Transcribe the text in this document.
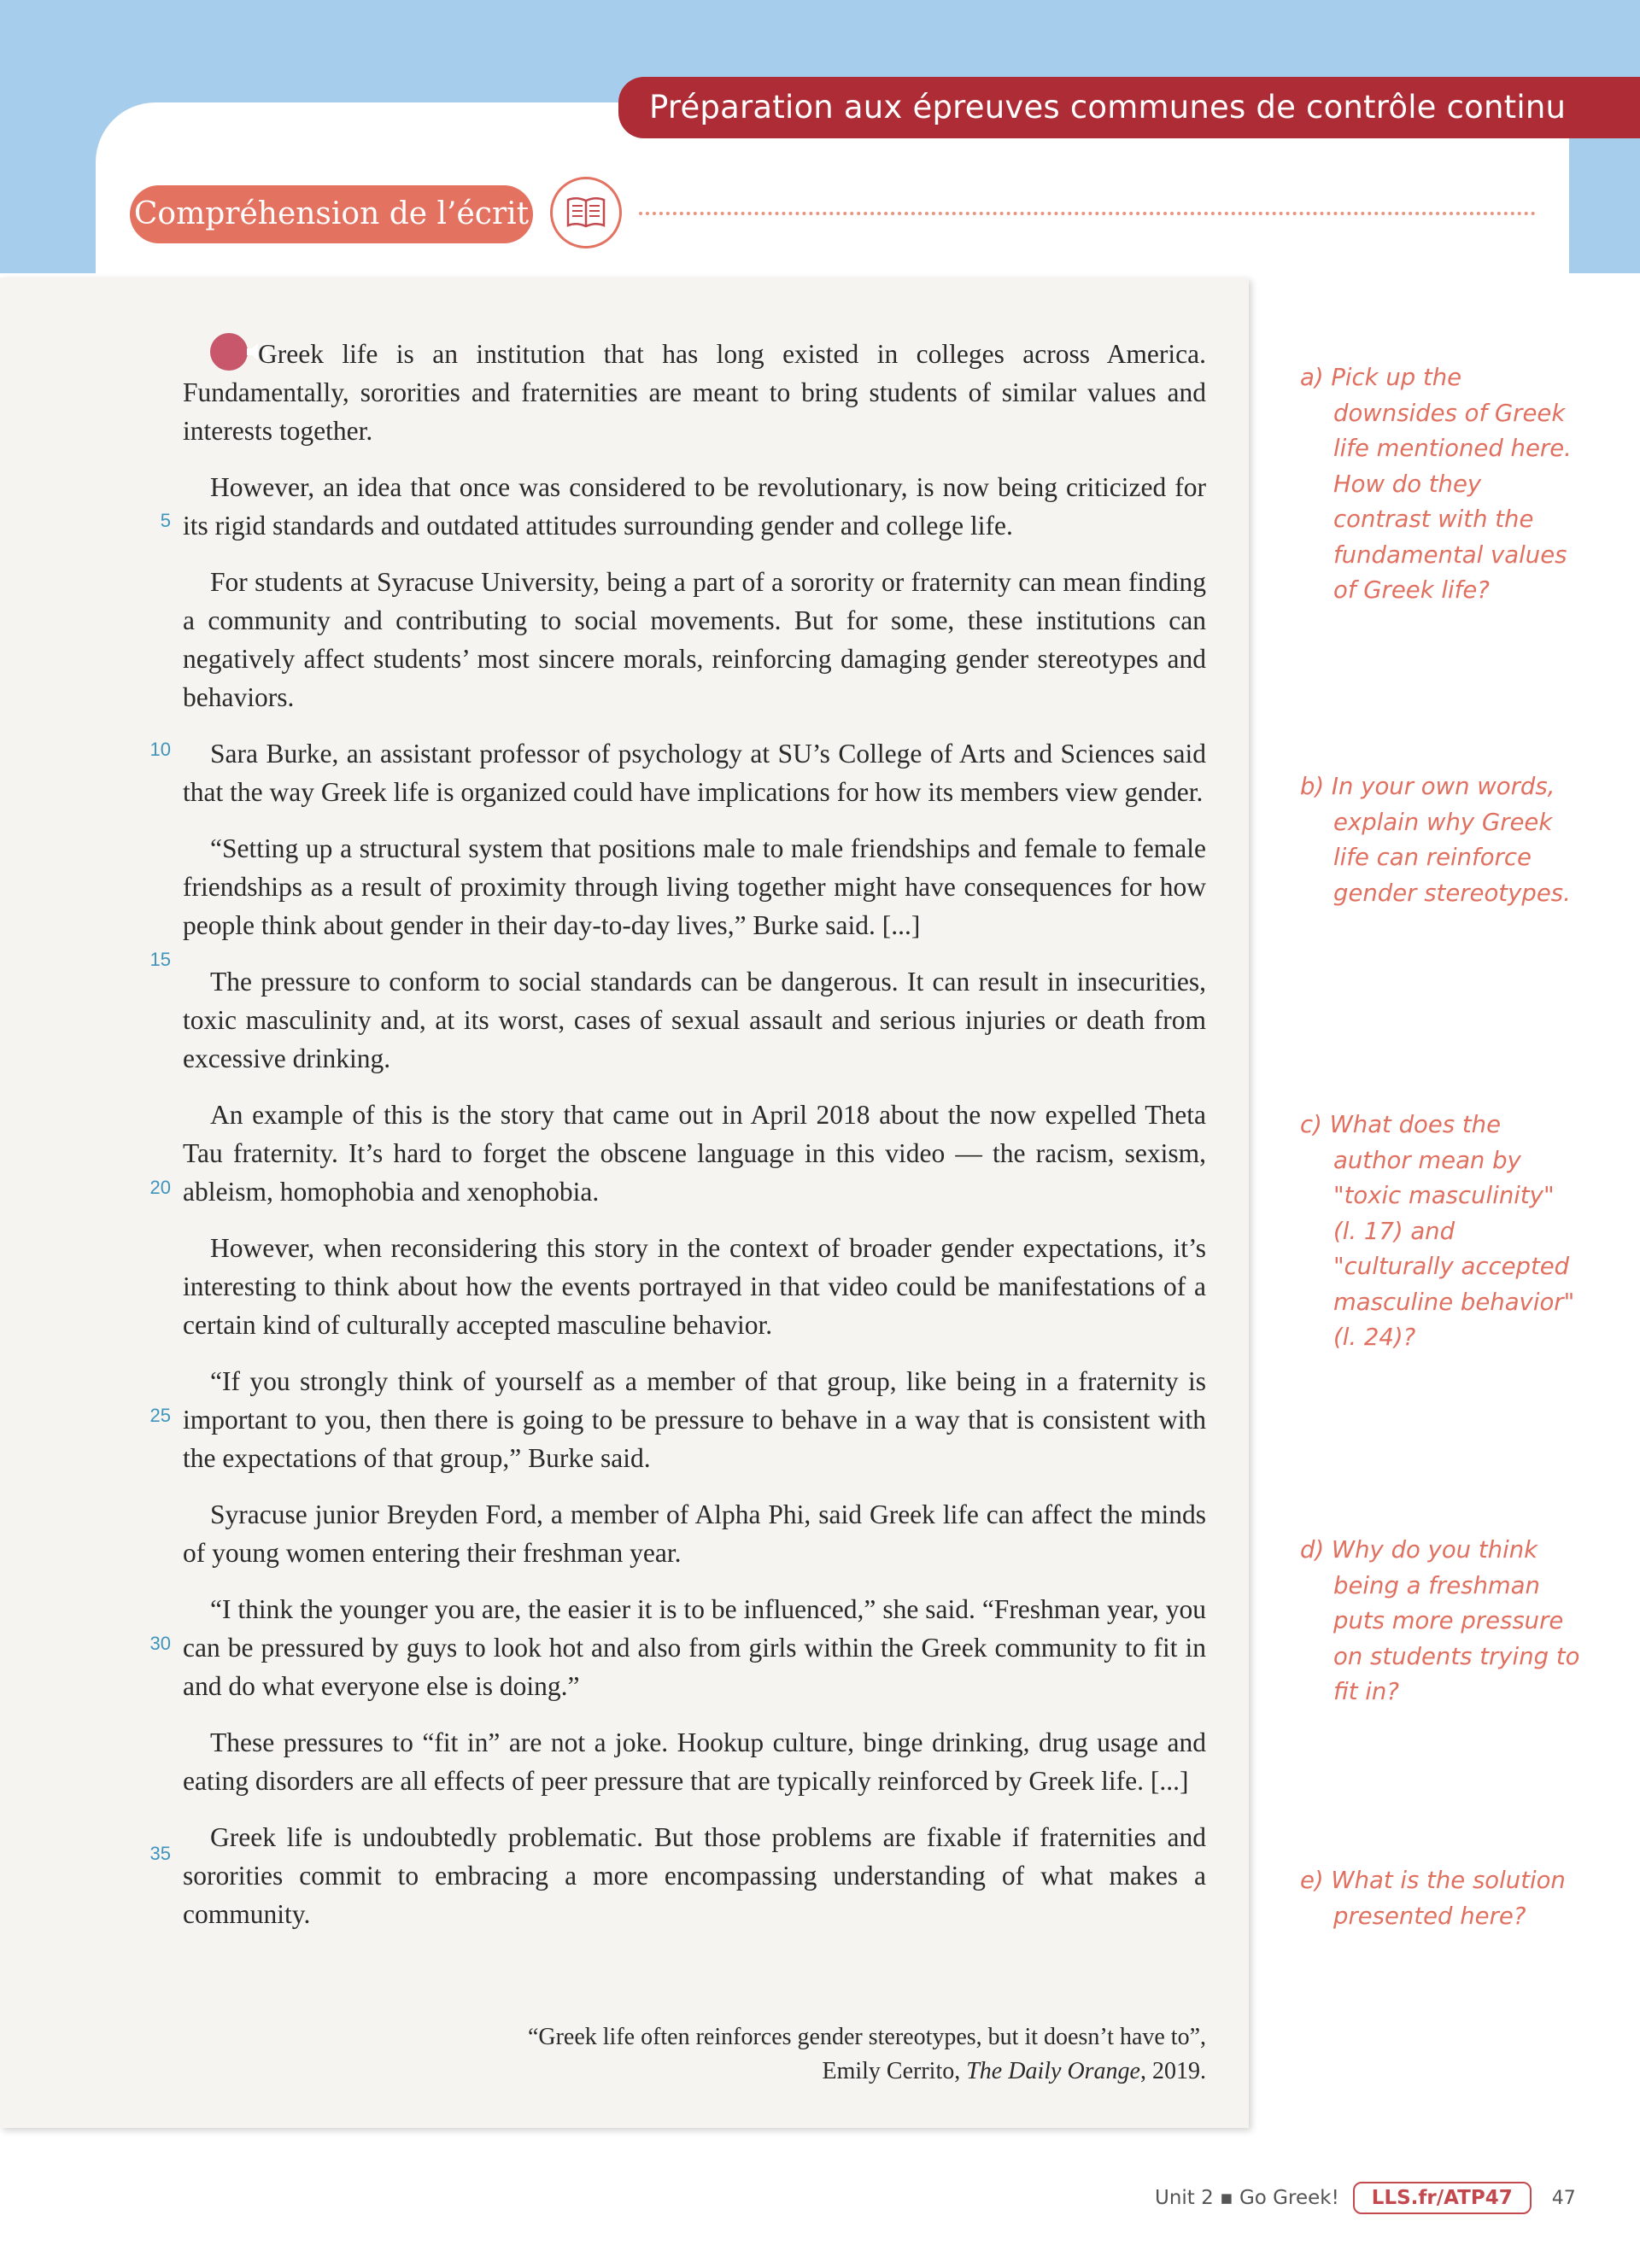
Préparation aux épreuves communes de contrôle continu
Compréhension de l’écrit

Greek life is an institution that has long existed in colleges across America. Fundamentally, sororities and fraternities are meant to bring students of similar values and interests together.

However, an idea that once was considered to be revolutionary, is now being criticized for its rigid standards and outdated attitudes surrounding gender and college life.

For students at Syracuse University, being a part of a sorority or fraternity can mean finding a community and contributing to social movements. But for some, these institutions can negatively affect students’ most sincere morals, reinforcing damaging gender stereotypes and behaviors.

Sara Burke, an assistant professor of psychology at SU’s College of Arts and Sciences said that the way Greek life is organized could have implications for how its members view gender.

“Setting up a structural system that positions male to male friendships and female to female friendships as a result of proximity through living together might have consequences for how people think about gender in their day-to-day lives,” Burke said. [...]

The pressure to conform to social standards can be dangerous. It can result in insecurities, toxic masculinity and, at its worst, cases of sexual assault and serious injuries or death from excessive drinking.

An example of this is the story that came out in April 2018 about the now expelled Theta Tau fraternity. It’s hard to forget the obscene language in this video — the racism, sexism, ableism, homophobia and xenophobia.

However, when reconsidering this story in the context of broader gender expectations, it’s interesting to think about how the events portrayed in that video could be manifestations of a certain kind of culturally accepted masculine behavior.

“If you strongly think of yourself as a member of that group, like being in a fraternity is important to you, then there is going to be pressure to behave in a way that is consistent with the expectations of that group,” Burke said.

Syracuse junior Breyden Ford, a member of Alpha Phi, said Greek life can affect the minds of young women entering their freshman year.

“I think the younger you are, the easier it is to be influenced,” she said. “Freshman year, you can be pressured by guys to look hot and also from girls within the Greek community to fit in and do what everyone else is doing.”

These pressures to “fit in” are not a joke. Hookup culture, binge drinking, drug usage and eating disorders are all effects of peer pressure that are typically reinforced by Greek life. [...]

Greek life is undoubtedly problematic. But those problems are fixable if fraternities and sororities commit to embracing a more encompassing understanding of what makes a community.

5
10
15
20
25
30
35
“Greek life often reinforces gender stereotypes, but it doesn’t have to”,
Emily Cerrito, The Daily Orange, 2019.
a) Pick up the downsides of Greek life mentioned here. How do they contrast with the fundamental values of Greek life?
b) In your own words, explain why Greek life can reinforce gender stereotypes.
c) What does the author mean by "toxic masculinity" (l. 17) and "culturally accepted masculine behavior" (l. 24)?
d) Why do you think being a freshman puts more pressure on students trying to fit in?
e) What is the solution presented here?
Unit 2 ▪ Go Greek!	LLS.fr/ATP47	47
